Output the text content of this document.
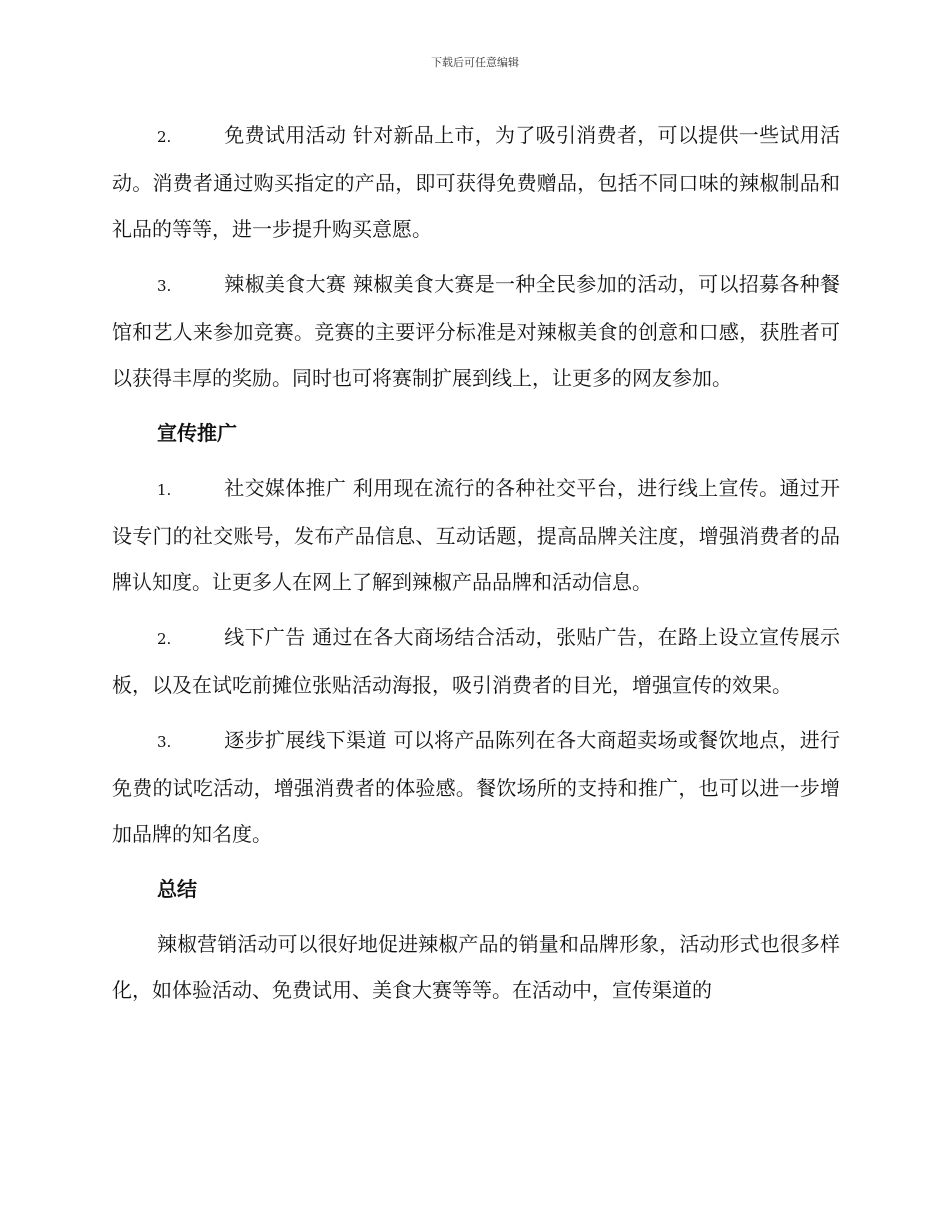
下载后可任意编辑

2.	免费试用活动 针对新品上市，为了吸引消费者，可以提供一些试用活动。消费者通过购买指定的产品，即可获得免费赠品，包括不同口味的辣椒制品和礼品的等等，进一步提升购买意愿。

3.	辣椒美食大赛 辣椒美食大赛是一种全民参加的活动，可以招募各种餐馆和艺人来参加竞赛。竞赛的主要评分标准是对辣椒美食的创意和口感，获胜者可以获得丰厚的奖励。同时也可将赛制扩展到线上，让更多的网友参加。

宣传推广

1.	社交媒体推广 利用现在流行的各种社交平台，进行线上宣传。通过开设专门的社交账号，发布产品信息、互动话题，提高品牌关注度，增强消费者的品牌认知度。让更多人在网上了解到辣椒产品品牌和活动信息。

2.	线下广告 通过在各大商场结合活动，张贴广告，在路上设立宣传展示板，以及在试吃前摊位张贴活动海报，吸引消费者的目光，增强宣传的效果。

3.	逐步扩展线下渠道 可以将产品陈列在各大商超卖场或餐饮地点，进行免费的试吃活动，增强消费者的体验感。餐饮场所的支持和推广，也可以进一步增加品牌的知名度。

总结

辣椒营销活动可以很好地促进辣椒产品的销量和品牌形象，活动形式也很多样化，如体验活动、免费试用、美食大赛等等。在活动中，宣传渠道的
